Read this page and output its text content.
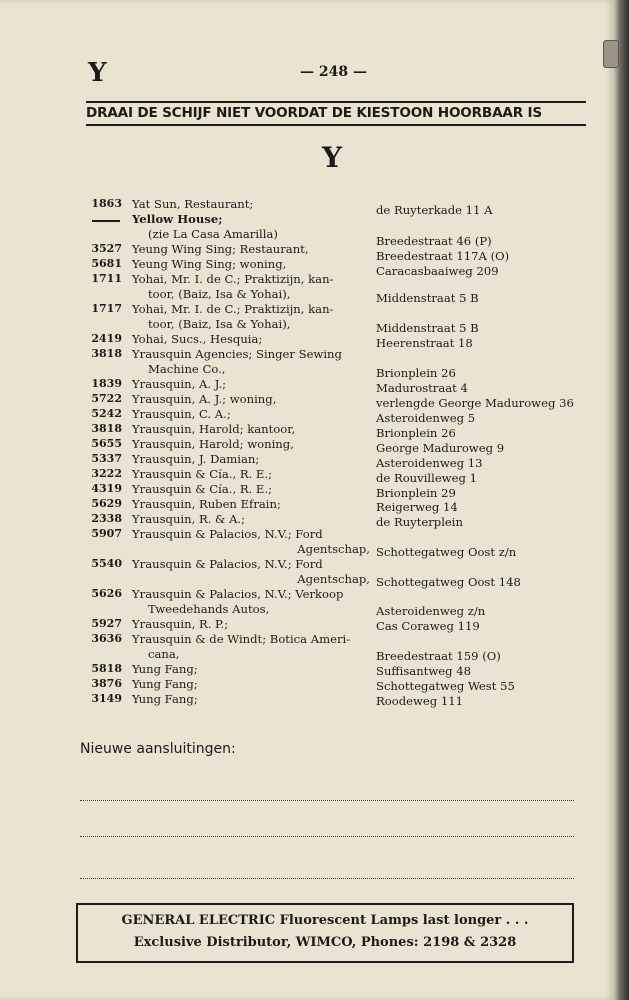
Y	— 248 —
DRAAI DE SCHIJF NIET VOORDAT DE KIESTOON HOORBAAR IS
Y
1863 Yat Sun, Restaurant;
Yellow House;
(zie La Casa Amarilla)
3527 Yeung Wing Sing; Restaurant,
5681 Yeung Wing Sing; woning,
1711 Yohai, Mr. I. de C.; Praktizijn, kan-
toor, (Baiz, Isa & Yohai),
1717 Yohai, Mr. I. de C.; Praktizijn, kan-
toor, (Baiz, Isa & Yohai),
2419 Yohai, Sucs., Hesquia;
3818 Yrausquin Agencies; Singer Sewing
Machine Co.,
1839 Yrausquin, A. J.;
5722 Yrausquin, A. J.; woning,
5242 Yrausquin, C. A.;
3818 Yrausquin, Harold; kantoor,
5655 Yrausquin, Harold; woning,
5337 Yrausquin, J. Damian;
3222 Yrausquin & Cía., R. E.;
4319 Yrausquin & Cía., R. E.;
5629 Yrausquin, Ruben Efrain;
2338 Yrausquin, R. & A.;
5907 Yrausquin & Palacios, N.V.; Ford
Agentschap,
5540 Yrausquin & Palacios, N.V.; Ford
Agentschap,
5626 Yrausquin & Palacios, N.V.; Verkoop
Tweedehands Autos,
5927 Yrausquin, R. P.;
3636 Yrausquin & de Windt; Botica Ameri-
cana,
5818 Yung Fang;
3876 Yung Fang;
3149 Yung Fang;
de Ruyterkade 11 A
Breedestraat 46 (P)
Breedestraat 117A (O)
Caracasbaaiweg 209
Middenstraat 5 B
Middenstraat 5 B
Heerenstraat 18
Brionplein 26
Madurostraat 4
verlengde George Maduroweg 36
Asteroidenweg 5
Brionplein 26
George Maduroweg 9
Asteroidenweg 13
de Rouvilleweg 1
Brionplein 29
Reigerweg 14
de Ruyterplein
Schottegatweg Oost z/n
Schottegatweg Oost 148
Asteroidenweg z/n
Cas Coraweg 119
Breedestraat 159 (O)
Suffisantweg 48
Schottegatweg West 55
Roodeweg 111
Nieuwe aansluitingen:
GENERAL ELECTRIC Fluorescent Lamps last longer . . .
Exclusive Distributor, WIMCO, Phones: 2198 & 2328
